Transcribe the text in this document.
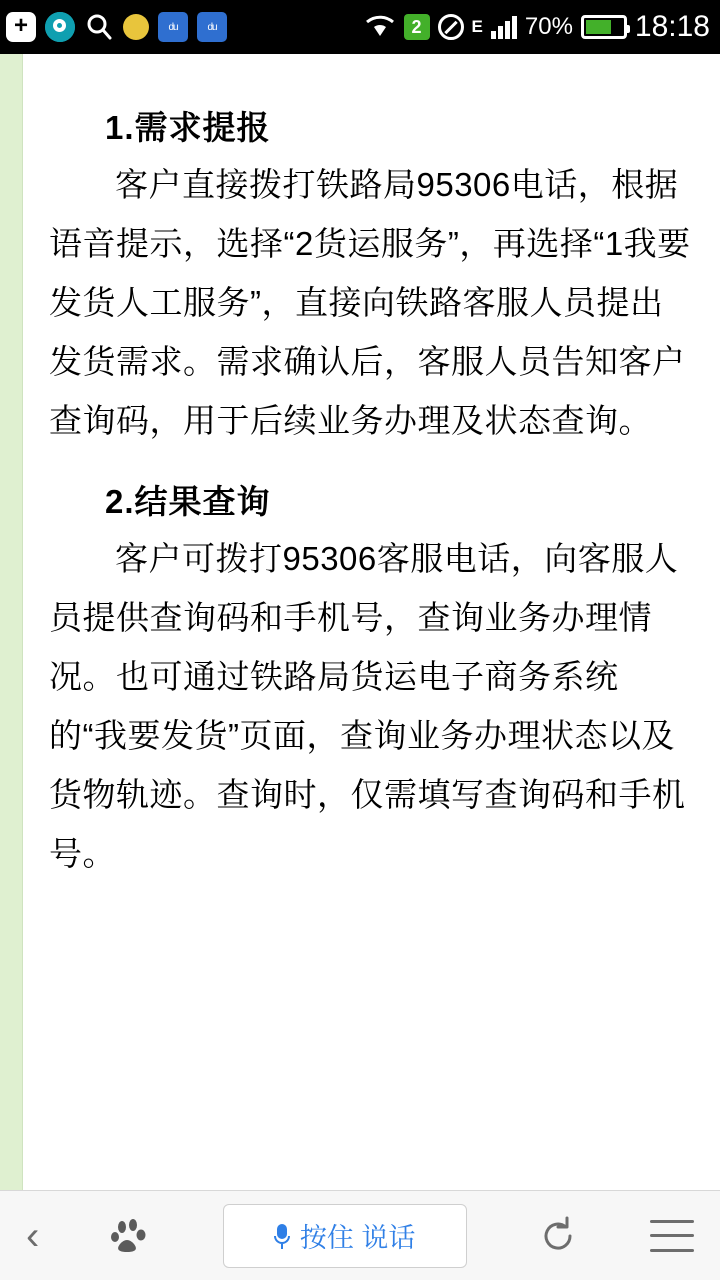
+	du	du	2	E 70% 18:18
1.需求提报

客户直接拨打铁路局95306电话，根据语音提示，选择“2货运服务”，再选择“1我要发货人工服务”，直接向铁路客服人员提出发货需求。需求确认后，客服人员告知客户查询码，用于后续业务办理及状态查询。

2.结果查询

客户可拨打95306客服电话，向客服人员提供查询码和手机号，查询业务办理情况。也可通过铁路局货运电子商务系统的“我要发货”页面，查询业务办理状态以及货物轨迹。查询时，仅需填写查询码和手机号。

‹	按住 说话
